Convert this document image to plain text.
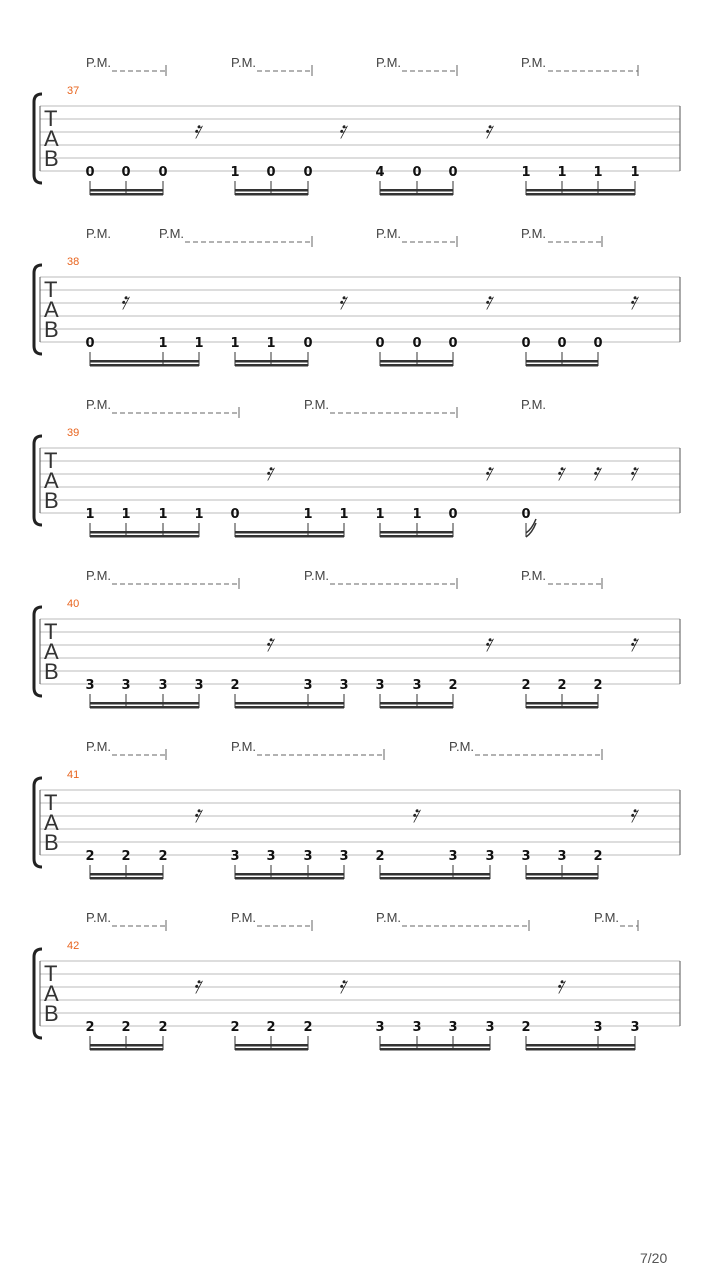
P.M.	P.M.	P.M.	P.M.
37
T
A
B
𝄿	𝄿	𝄿
0 0 0	1 0 0	4 0 0	1 1 1 1
P.M.	P.M.	P.M.	P.M.
38
T
A
B
𝄿	𝄿	𝄿	𝄿
0	1 1 1 1 0	0 0 0	0 0 0
P.M.	P.M.	P.M.
39
T
A
B
𝄿	𝄿	𝄿 𝄿 𝄿
1 1 1 1 0	1 1 1 1 0	0
P.M.	P.M.	P.M.
40
T
A
B
𝄿	𝄿	𝄿
3 3 3 3 2	3 3 3 3 2	2 2 2
P.M.	P.M.	P.M.
41
T
A
B
𝄿	𝄿	𝄿
2 2 2	3 3 3 3 2	3 3 3 3 2
P.M.	P.M.	P.M.	P.M.
42
T
A
B
𝄿	𝄿	𝄿
2 2 2	2 2 2	3 3 3 3 2	3 3
7/20
